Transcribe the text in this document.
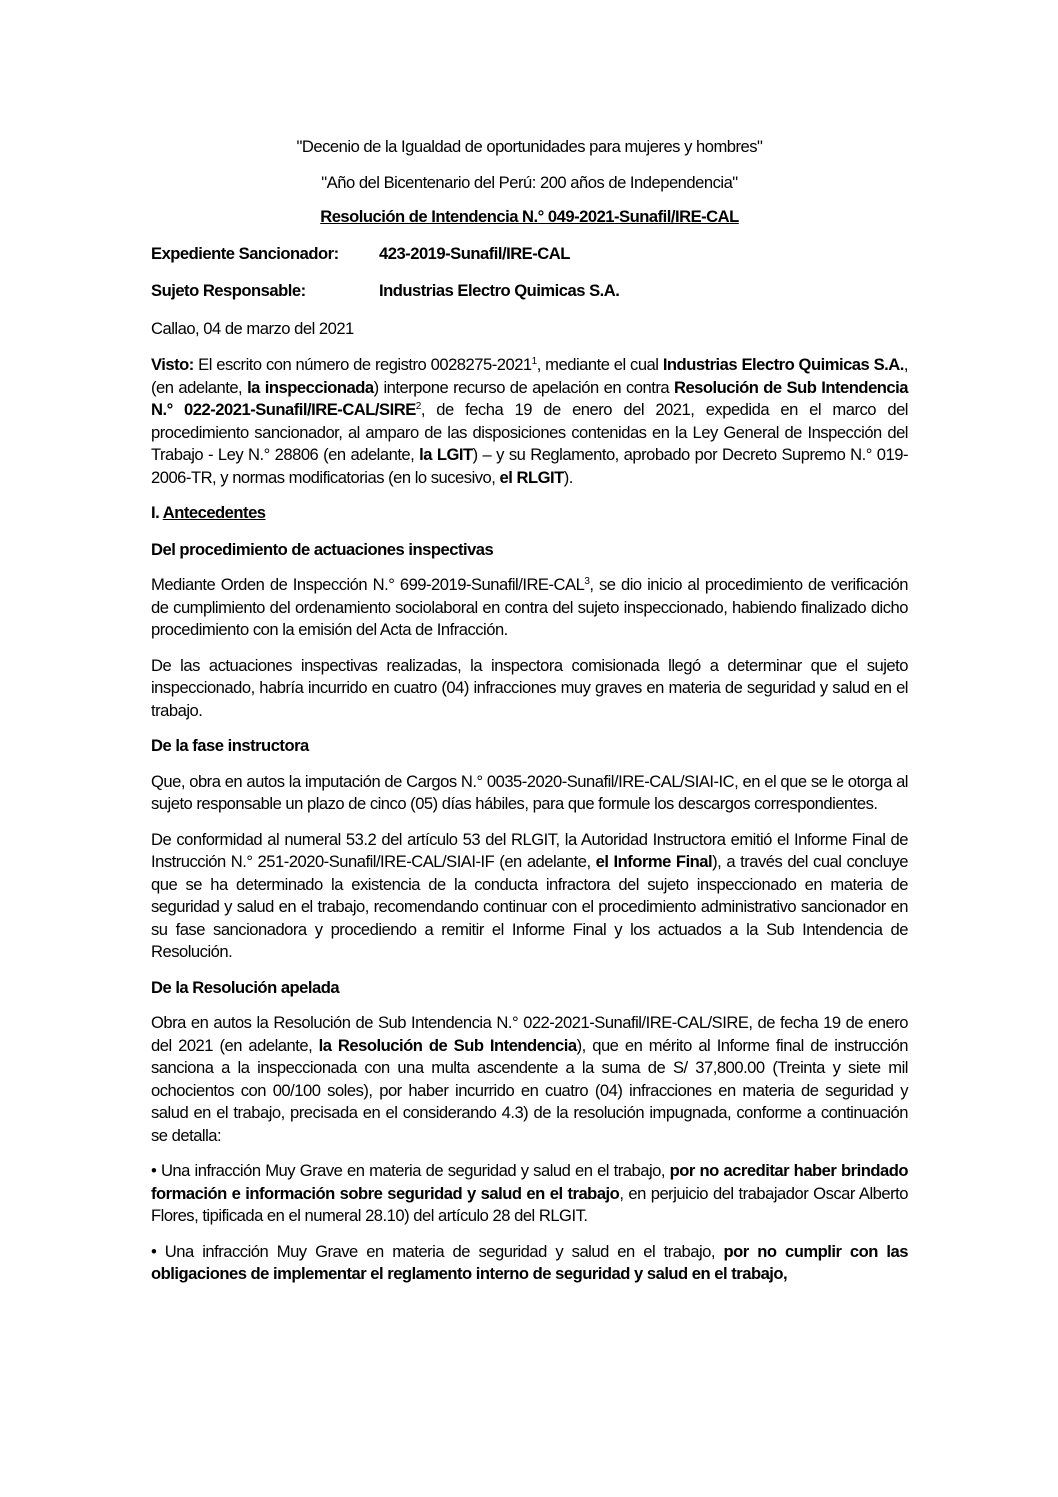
"Decenio de la Igualdad de oportunidades para mujeres y hombres"

"Año del Bicentenario del Perú: 200 años de Independencia"

Resolución de Intendencia N.° 049-2021-Sunafil/IRE-CAL

Expediente Sancionador:	423-2019-Sunafil/IRE-CAL
Sujeto Responsable:	Industrias Electro Quimicas S.A.

Callao, 04 de marzo del 2021

Visto: El escrito con número de registro 0028275-2021$^1$, mediante el cual Industrias Electro Quimicas S.A., (en adelante, la inspeccionada) interpone recurso de apelación en contra Resolución de Sub Intendencia N.° 022-2021-Sunafil/IRE-CAL/SIRE$^2$, de fecha 19 de enero del 2021, expedida en el marco del procedimiento sancionador, al amparo de las disposiciones contenidas en la Ley General de Inspección del Trabajo - Ley N.° 28806 (en adelante, la LGIT) – y su Reglamento, aprobado por Decreto Supremo N.° 019-2006-TR, y normas modificatorias (en lo sucesivo, el RLGIT).

I. Antecedentes

Del procedimiento de actuaciones inspectivas

Mediante Orden de Inspección N.° 699-2019-Sunafil/IRE-CAL$^3$, se dio inicio al procedimiento de verificación de cumplimiento del ordenamiento sociolaboral en contra del sujeto inspeccionado, habiendo finalizado dicho procedimiento con la emisión del Acta de Infracción.

De las actuaciones inspectivas realizadas, la inspectora comisionada llegó a determinar que el sujeto inspeccionado, habría incurrido en cuatro (04) infracciones muy graves en materia de seguridad y salud en el trabajo.

De la fase instructora

Que, obra en autos la imputación de Cargos N.° 0035-2020-Sunafil/IRE-CAL/SIAI-IC, en el que se le otorga al sujeto responsable un plazo de cinco (05) días hábiles, para que formule los descargos correspondientes.

De conformidad al numeral 53.2 del artículo 53 del RLGIT, la Autoridad Instructora emitió el Informe Final de Instrucción N.° 251-2020-Sunafil/IRE-CAL/SIAI-IF (en adelante, el Informe Final), a través del cual concluye que se ha determinado la existencia de la conducta infractora del sujeto inspeccionado en materia de seguridad y salud en el trabajo, recomendando continuar con el procedimiento administrativo sancionador en su fase sancionadora y procediendo a remitir el Informe Final y los actuados a la Sub Intendencia de Resolución.

De la Resolución apelada

Obra en autos la Resolución de Sub Intendencia N.° 022-2021-Sunafil/IRE-CAL/SIRE, de fecha 19 de enero del 2021 (en adelante, la Resolución de Sub Intendencia), que en mérito al Informe final de instrucción sanciona a la inspeccionada con una multa ascendente a la suma de S/ 37,800.00 (Treinta y siete mil ochocientos con 00/100 soles), por haber incurrido en cuatro (04) infracciones en materia de seguridad y salud en el trabajo, precisada en el considerando 4.3) de la resolución impugnada, conforme a continuación se detalla:

• Una infracción Muy Grave en materia de seguridad y salud en el trabajo, por no acreditar haber brindado formación e información sobre seguridad y salud en el trabajo, en perjuicio del trabajador Oscar Alberto Flores, tipificada en el numeral 28.10) del artículo 28 del RLGIT.

• Una infracción Muy Grave en materia de seguridad y salud en el trabajo, por no cumplir con las obligaciones de implementar el reglamento interno de seguridad y salud en el trabajo,
